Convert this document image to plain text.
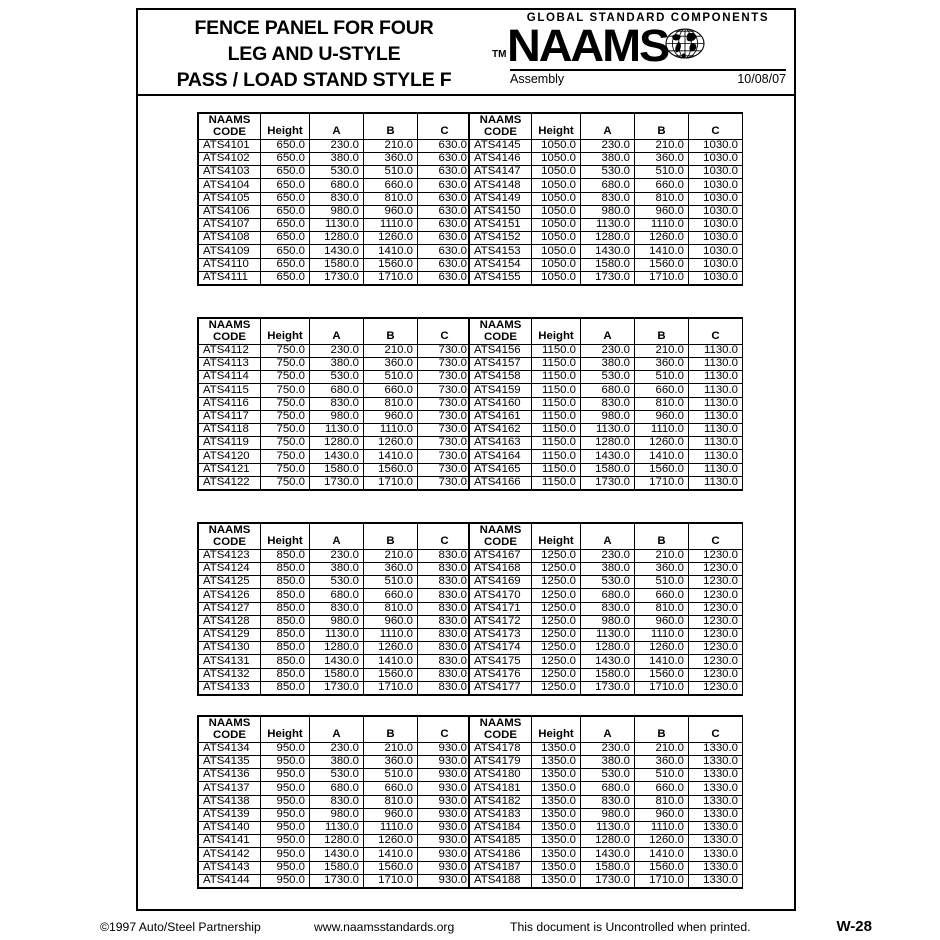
FENCE PANEL FOR FOUR
LEG AND U-STYLE
PASS / LOAD STAND STYLE F
GLOBAL STANDARD COMPONENTS
TM NAAMS
Assembly	10/08/07
NAAMS
CODE	Height	A	B	C
ATS4101	650.0	230.0	210.0	630.0
ATS4102	650.0	380.0	360.0	630.0
ATS4103	650.0	530.0	510.0	630.0
ATS4104	650.0	680.0	660.0	630.0
ATS4105	650.0	830.0	810.0	630.0
ATS4106	650.0	980.0	960.0	630.0
ATS4107	650.0	1130.0	1110.0	630.0
ATS4108	650.0	1280.0	1260.0	630.0
ATS4109	650.0	1430.0	1410.0	630.0
ATS4110	650.0	1580.0	1560.0	630.0
ATS4111	650.0	1730.0	1710.0	630.0
NAAMS
CODE	Height	A	B	C
ATS4145	1050.0	230.0	210.0	1030.0
ATS4146	1050.0	380.0	360.0	1030.0
ATS4147	1050.0	530.0	510.0	1030.0
ATS4148	1050.0	680.0	660.0	1030.0
ATS4149	1050.0	830.0	810.0	1030.0
ATS4150	1050.0	980.0	960.0	1030.0
ATS4151	1050.0	1130.0	1110.0	1030.0
ATS4152	1050.0	1280.0	1260.0	1030.0
ATS4153	1050.0	1430.0	1410.0	1030.0
ATS4154	1050.0	1580.0	1560.0	1030.0
ATS4155	1050.0	1730.0	1710.0	1030.0
NAAMS
CODE	Height	A	B	C
ATS4112	750.0	230.0	210.0	730.0
ATS4113	750.0	380.0	360.0	730.0
ATS4114	750.0	530.0	510.0	730.0
ATS4115	750.0	680.0	660.0	730.0
ATS4116	750.0	830.0	810.0	730.0
ATS4117	750.0	980.0	960.0	730.0
ATS4118	750.0	1130.0	1110.0	730.0
ATS4119	750.0	1280.0	1260.0	730.0
ATS4120	750.0	1430.0	1410.0	730.0
ATS4121	750.0	1580.0	1560.0	730.0
ATS4122	750.0	1730.0	1710.0	730.0
NAAMS
CODE	Height	A	B	C
ATS4156	1150.0	230.0	210.0	1130.0
ATS4157	1150.0	380.0	360.0	1130.0
ATS4158	1150.0	530.0	510.0	1130.0
ATS4159	1150.0	680.0	660.0	1130.0
ATS4160	1150.0	830.0	810.0	1130.0
ATS4161	1150.0	980.0	960.0	1130.0
ATS4162	1150.0	1130.0	1110.0	1130.0
ATS4163	1150.0	1280.0	1260.0	1130.0
ATS4164	1150.0	1430.0	1410.0	1130.0
ATS4165	1150.0	1580.0	1560.0	1130.0
ATS4166	1150.0	1730.0	1710.0	1130.0
NAAMS
CODE	Height	A	B	C
ATS4123	850.0	230.0	210.0	830.0
ATS4124	850.0	380.0	360.0	830.0
ATS4125	850.0	530.0	510.0	830.0
ATS4126	850.0	680.0	660.0	830.0
ATS4127	850.0	830.0	810.0	830.0
ATS4128	850.0	980.0	960.0	830.0
ATS4129	850.0	1130.0	1110.0	830.0
ATS4130	850.0	1280.0	1260.0	830.0
ATS4131	850.0	1430.0	1410.0	830.0
ATS4132	850.0	1580.0	1560.0	830.0
ATS4133	850.0	1730.0	1710.0	830.0
NAAMS
CODE	Height	A	B	C
ATS4167	1250.0	230.0	210.0	1230.0
ATS4168	1250.0	380.0	360.0	1230.0
ATS4169	1250.0	530.0	510.0	1230.0
ATS4170	1250.0	680.0	660.0	1230.0
ATS4171	1250.0	830.0	810.0	1230.0
ATS4172	1250.0	980.0	960.0	1230.0
ATS4173	1250.0	1130.0	1110.0	1230.0
ATS4174	1250.0	1280.0	1260.0	1230.0
ATS4175	1250.0	1430.0	1410.0	1230.0
ATS4176	1250.0	1580.0	1560.0	1230.0
ATS4177	1250.0	1730.0	1710.0	1230.0
NAAMS
CODE	Height	A	B	C
ATS4134	950.0	230.0	210.0	930.0
ATS4135	950.0	380.0	360.0	930.0
ATS4136	950.0	530.0	510.0	930.0
ATS4137	950.0	680.0	660.0	930.0
ATS4138	950.0	830.0	810.0	930.0
ATS4139	950.0	980.0	960.0	930.0
ATS4140	950.0	1130.0	1110.0	930.0
ATS4141	950.0	1280.0	1260.0	930.0
ATS4142	950.0	1430.0	1410.0	930.0
ATS4143	950.0	1580.0	1560.0	930.0
ATS4144	950.0	1730.0	1710.0	930.0
NAAMS
CODE	Height	A	B	C
ATS4178	1350.0	230.0	210.0	1330.0
ATS4179	1350.0	380.0	360.0	1330.0
ATS4180	1350.0	530.0	510.0	1330.0
ATS4181	1350.0	680.0	660.0	1330.0
ATS4182	1350.0	830.0	810.0	1330.0
ATS4183	1350.0	980.0	960.0	1330.0
ATS4184	1350.0	1130.0	1110.0	1330.0
ATS4185	1350.0	1280.0	1260.0	1330.0
ATS4186	1350.0	1430.0	1410.0	1330.0
ATS4187	1350.0	1580.0	1560.0	1330.0
ATS4188	1350.0	1730.0	1710.0	1330.0
©1997 Auto/Steel Partnership	www.naamsstandards.org	This document is Uncontrolled when printed.	W-28
